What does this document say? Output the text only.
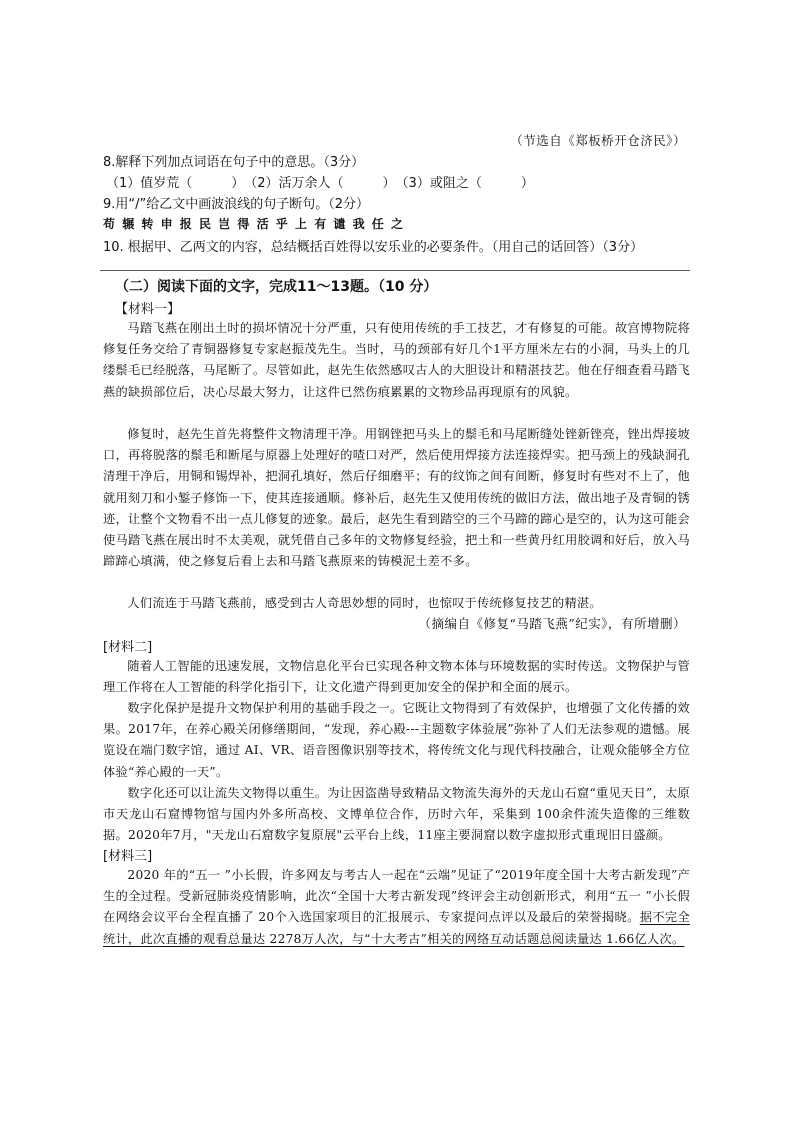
（节选自《郑板桥开仓济民》）
8.解释下列加点词语在句子中的意思。（3分）
（1）值岁荒（　　　）　（2）活万余人（　　　）　（3）或阻之（　　　）
9.用“/”给乙文中画波浪线的句子断句。（2分）
苟辗转申报民岂得活乎上有谴我任之
10. 根据甲、乙两文的内容，总结概括百姓得以安乐业的必要条件。（用自己的话回答）（3分）
（二）阅读下面的文字，完成11～13题。（10 分）
【材料一】
马踏飞燕在刚出土时的损坏情况十分严重，只有使用传统的手工技艺，才有修复的可能。故宫博物院将修复任务交给了青铜器修复专家赵振茂先生。当时，马的颈部有好几个1平方厘米左右的小洞，马头上的几缕鬃毛已经脱落，马尾断了。尽管如此，赵先生依然感叹古人的大胆设计和精湛技艺。他在仔细查看马踏飞燕的缺损部位后，决心尽最大努力，让这件已然伤痕累累的文物珍品再现原有的风貌。
修复时，赵先生首先将整件文物清理干净。用钢锉把马头上的鬃毛和马尾断缝处锉新锉亮，锉出焊接坡口，再将脱落的鬃毛和断尾与原器上处理好的喳口对严，然后使用焊接方法连接焊实。把马颈上的残缺洞孔清理干净后，用铜和锡焊补，把洞孔填好，然后仔细磨平；有的纹饰之间有间断，修复时有些对不上了，他就用刻刀和小錾子修饰一下，使其连接通顺。修补后，赵先生又使用传统的做旧方法，做出地子及青铜的锈迹，让整个文物看不出一点儿修复的迹象。最后，赵先生看到踏空的三个马蹄的蹄心是空的，认为这可能会使马踏飞燕在展出时不太美观，就凭借自己多年的文物修复经验，把土和一些黄丹红用胶调和好后，放入马蹄蹄心填满，使之修复后看上去和马踏飞燕原来的铸模泥土差不多。
人们流连于马踏飞燕前，感受到古人奇思妙想的同时，也惊叹于传统修复技艺的精湛。
（摘编自《修复“马踏飞燕”纪实》，有所增删）
[材料二]
随着人工智能的迅速发展，文物信息化平台已实现各种文物本体与环境数据的实时传送。文物保护与管理工作将在人工智能的科学化指引下，让文化遗产得到更加安全的保护和全面的展示。
数字化保护是提升文物保护利用的基础手段之一。它既让文物得到了有效保护，也增强了文化传播的效果。2017年，在养心殿关闭修缮期间，“发现，养心殿---主题数字体验展”弥补了人们无法参观的遗憾。展览设在端门数字馆，通过 AI、VR、语音图像识别等技术，将传统文化与现代科技融合，让观众能够全方位体验“养心殿的一天”。
数字化还可以让流失文物得以重生。为让因盗凿导致精品文物流失海外的天龙山石窟“重见天日”，太原市天龙山石窟博物馆与国内外多所高校、文博单位合作，历时六年，采集到 100余件流失造像的三维数据。2020年7月，"天龙山石窟数字复原展"云平台上线，11座主要洞窟以数字虚拟形式重现旧日盛颜。
[材料三]
2020 年的“五一 ”小长假，许多网友与考古人一起在“云端”见证了“2019年度全国十大考古新发现”产生的全过程。受新冠肺炎疫情影响，此次“全国十大考古新发现”终评会主动创新形式，利用“五一 ”小长假在网络会议平台全程直播了 20个入选国家项目的汇报展示、专家提问点评以及最后的荣誉揭晓。据不完全统计，此次直播的观看总量达 2278万人次，与“十大考古”相关的网络互动话题总阅读量达 1.66亿人次。
